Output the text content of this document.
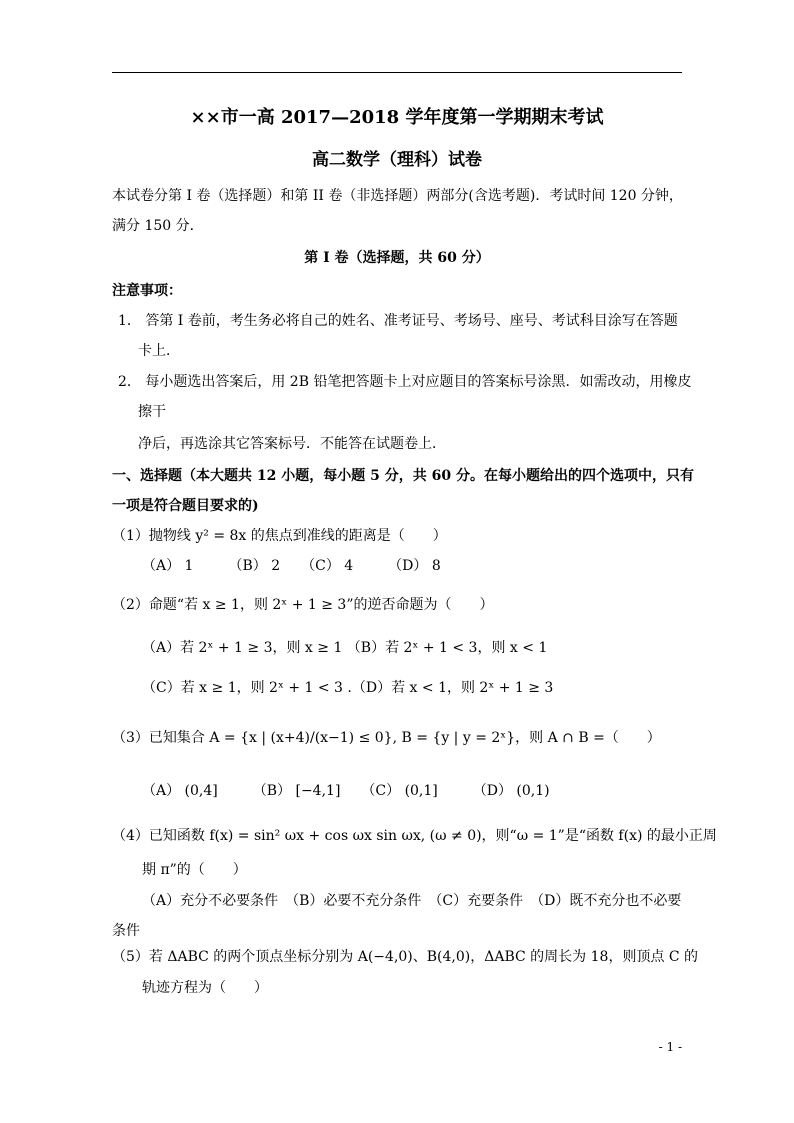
××市一高 2017—2018 学年度第一学期期末考试
高二数学（理科）试卷
本试卷分第 I 卷（选择题）和第 II 卷（非选择题）两部分(含选考题)．考试时间 120 分钟，
满分 150 分．
第 I 卷（选择题，共 60 分）
注意事项：
1． 答第 I 卷前，考生务必将自己的姓名、准考证号、考场号、座号、考试科目涂写在答题
卡上．
2． 每小题选出答案后，用 2B 铅笔把答题卡上对应题目的答案标号涂黑．如需改动，用橡皮
擦干
净后，再选涂其它答案标号．不能答在试题卷上．
一、选择题（本大题共 12 小题，每小题 5 分，共 60 分。在每小题给出的四个选项中，只有
一项是符合题目要求的)
（1）抛物线 y² = 8x 的焦点到准线的距离是（　　）
（A） 1　　　（B） 2　　（C） 4　　　（D） 8
（2）命题“若 x ≥ 1，则 2ˣ + 1 ≥ 3”的逆否命题为（　　）
（A）若 2ˣ + 1 ≥ 3，则 x ≥ 1 （B）若 2ˣ + 1 < 3，则 x < 1
（C）若 x ≥ 1，则 2ˣ + 1 < 3 .（D）若 x < 1，则 2ˣ + 1 ≥ 3
（3）已知集合 A = {x | (x+4)/(x−1) ≤ 0}, B = {y | y = 2ˣ}，则 A ∩ B =（　　）
（A） (0,4]　　　（B） [−4,1]　　（C） (0,1]　　　（D） (0,1)
（4）已知函数 f(x) = sin² ωx + cos ωx sin ωx, (ω ≠ 0)，则“ω = 1”是“函数 f(x) 的最小正周
期 π”的（　　）
（A）充分不必要条件　（B）必要不充分条件　（C）充要条件　（D）既不充分也不必要
条件
（5）若 ΔABC 的两个顶点坐标分别为 A(−4,0)、B(4,0)，ΔABC 的周长为 18，则顶点 C 的
轨迹方程为（　　）
- 1 -
